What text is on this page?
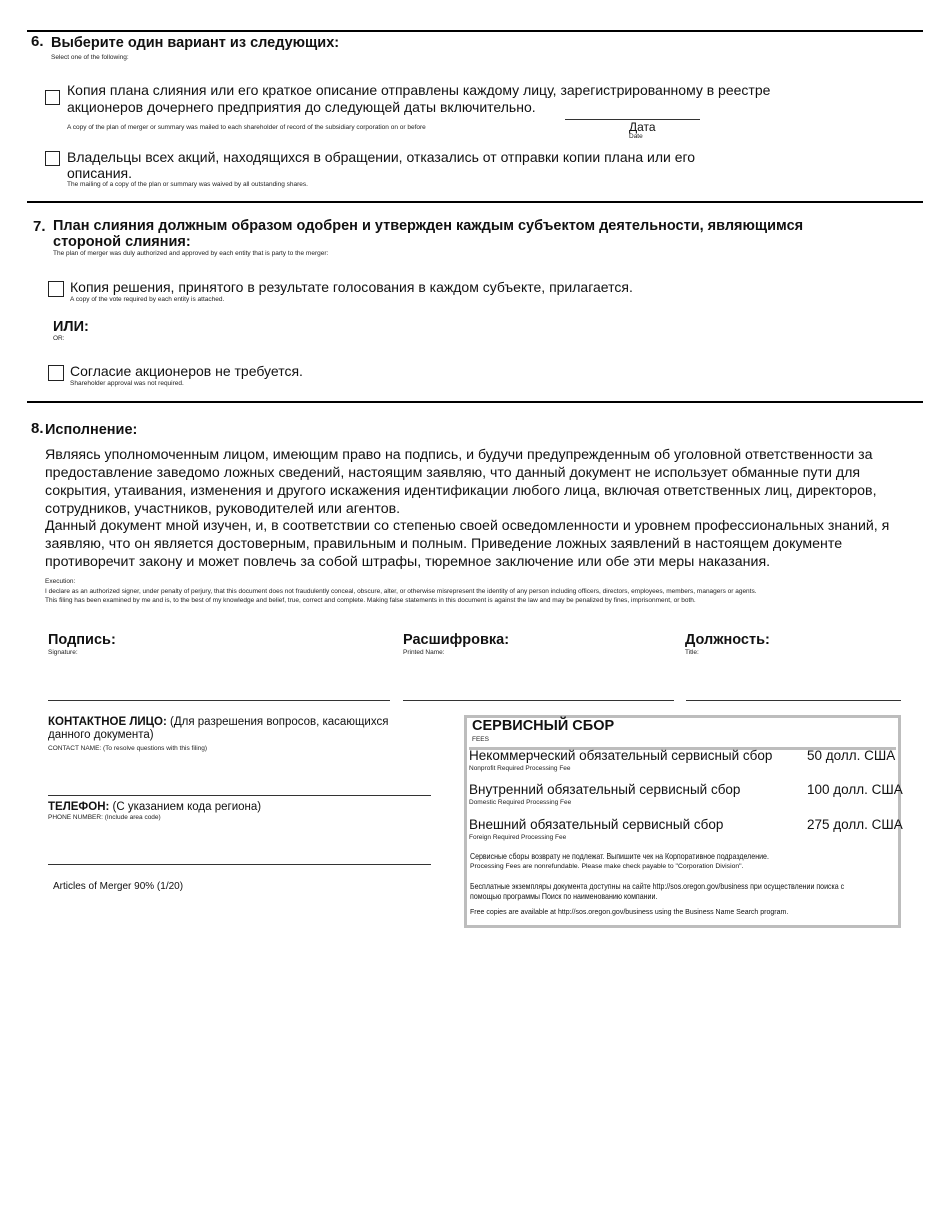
6. Выберите один вариант из следующих:
Select one of the following:
Копия плана слияния или его краткое описание отправлены каждому лицу, зарегистрированному в реестре акционеров дочернего предприятия до следующей даты включительно.
A copy of the plan of merger or summary was mailed to each shareholder of record of the subsidiary corporation on or before	Дата
Date
Владельцы всех акций, находящихся в обращении, отказались от отправки копии плана или его описания.
The mailing of a copy of the plan or summary was waived by all outstanding shares.
7. План слияния должным образом одобрен и утвержден каждым субъектом деятельности, являющимся стороной слияния:
The plan of merger was duly authorized and approved by each entity that is party to the merger:
Копия решения, принятого в результате голосования в каждом субъекте, прилагается.
A copy of the vote required by each entity is attached.
ИЛИ:
OR:
Согласие акционеров не требуется.
Shareholder approval was not required.
8. Исполнение:
Являясь уполномоченным лицом, имеющим право на подпись, и будучи предупрежденным об уголовной ответственности за предоставление заведомо ложных сведений, настоящим заявляю, что данный документ не использует обманные пути для сокрытия, утаивания, изменения и другого искажения идентификации любого лица, включая ответственных лиц, директоров, сотрудников, участников, руководителей или агентов.
Данный документ мной изучен, и, в соответствии со степенью своей осведомленности и уровнем профессиональных знаний, я заявляю, что он является достоверным, правильным и полным. Приведение ложных заявлений в настоящем документе противоречит закону и может повлечь за собой штрафы, тюремное заключение или обе эти меры наказания.
Execution:
I declare as an authorized signer, under penalty of perjury, that this document does not fraudulently conceal, obscure, alter, or otherwise misrepresent the identity of any person including officers, directors, employees, members, managers or agents.
This filing has been examined by me and is, to the best of my knowledge and belief, true, correct and complete. Making false statements in this document is against the law and may be penalized by fines, imprisonment, or both.
Подпись:
Signature:
Расшифровка:
Printed Name:
Должность:
Title:
КОНТАКТНОЕ ЛИЦО: (Для разрешения вопросов, касающихся данного документа)
CONTACT NAME: (To resolve questions with this filing)
ТЕЛЕФОН: (С указанием кода региона)
PHONE NUMBER: (Include area code)
Articles of Merger 90% (1/20)
СЕРВИСНЫЙ СБОР
FEES
Некоммерческий обязательный сервисный сбор
Nonprofit Required Processing Fee
50 долл. США
Внутренний обязательный сервисный сбор
Domestic Required Processing Fee
100 долл. США
Внешний обязательный сервисный сбор
Foreign Required Processing Fee
275 долл. США
Сервисные сборы возврату не подлежат. Выпишите чек на Корпоративное подразделение.
Processing Fees are nonrefundable. Please make check payable to "Corporation Division".
Бесплатные экземпляры документа доступны на сайте http://sos.oregon.gov/business при осуществлении поиска с помощью программы Поиск по наименованию компании.
Free copies are available at http://sos.oregon.gov/business using the Business Name Search program.
